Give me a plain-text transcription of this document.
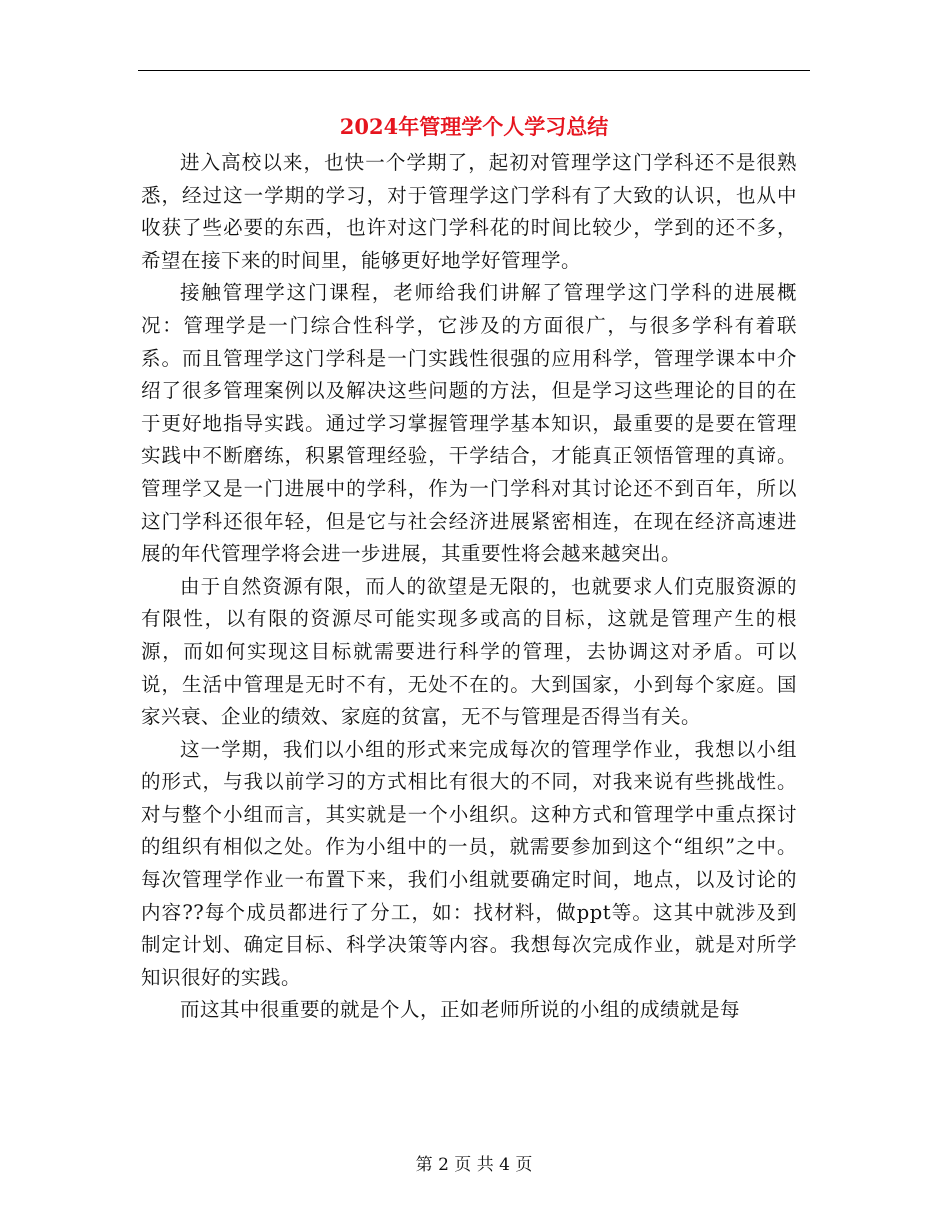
2024年管理学个人学习总结

进入高校以来，也快一个学期了，起初对管理学这门学科还不是很熟悉，经过这一学期的学习，对于管理学这门学科有了大致的认识，也从中收获了些必要的东西，也许对这门学科花的时间比较少，学到的还不多，希望在接下来的时间里，能够更好地学好管理学。

接触管理学这门课程，老师给我们讲解了管理学这门学科的进展概况：管理学是一门综合性科学，它涉及的方面很广，与很多学科有着联系。而且管理学这门学科是一门实践性很强的应用科学，管理学课本中介绍了很多管理案例以及解决这些问题的方法，但是学习这些理论的目的在于更好地指导实践。通过学习掌握管理学基本知识，最重要的是要在管理实践中不断磨练，积累管理经验，干学结合，才能真正领悟管理的真谛。管理学又是一门进展中的学科，作为一门学科对其讨论还不到百年，所以这门学科还很年轻，但是它与社会经济进展紧密相连，在现在经济高速进展的年代管理学将会进一步进展，其重要性将会越来越突出。

由于自然资源有限，而人的欲望是无限的，也就要求人们克服资源的有限性，以有限的资源尽可能实现多或高的目标，这就是管理产生的根源，而如何实现这目标就需要进行科学的管理，去协调这对矛盾。可以说，生活中管理是无时不有，无处不在的。大到国家，小到每个家庭。国家兴衰、企业的绩效、家庭的贫富，无不与管理是否得当有关。

这一学期，我们以小组的形式来完成每次的管理学作业，我想以小组的形式，与我以前学习的方式相比有很大的不同，对我来说有些挑战性。对与整个小组而言，其实就是一个小组织。这种方式和管理学中重点探讨的组织有相似之处。作为小组中的一员，就需要参加到这个“组织”之中。每次管理学作业一布置下来，我们小组就要确定时间，地点，以及讨论的内容??每个成员都进行了分工，如：找材料，做ppt等。这其中就涉及到制定计划、确定目标、科学决策等内容。我想每次完成作业，就是对所学知识很好的实践。

而这其中很重要的就是个人，正如老师所说的小组的成绩就是每

第 2 页 共 4 页
